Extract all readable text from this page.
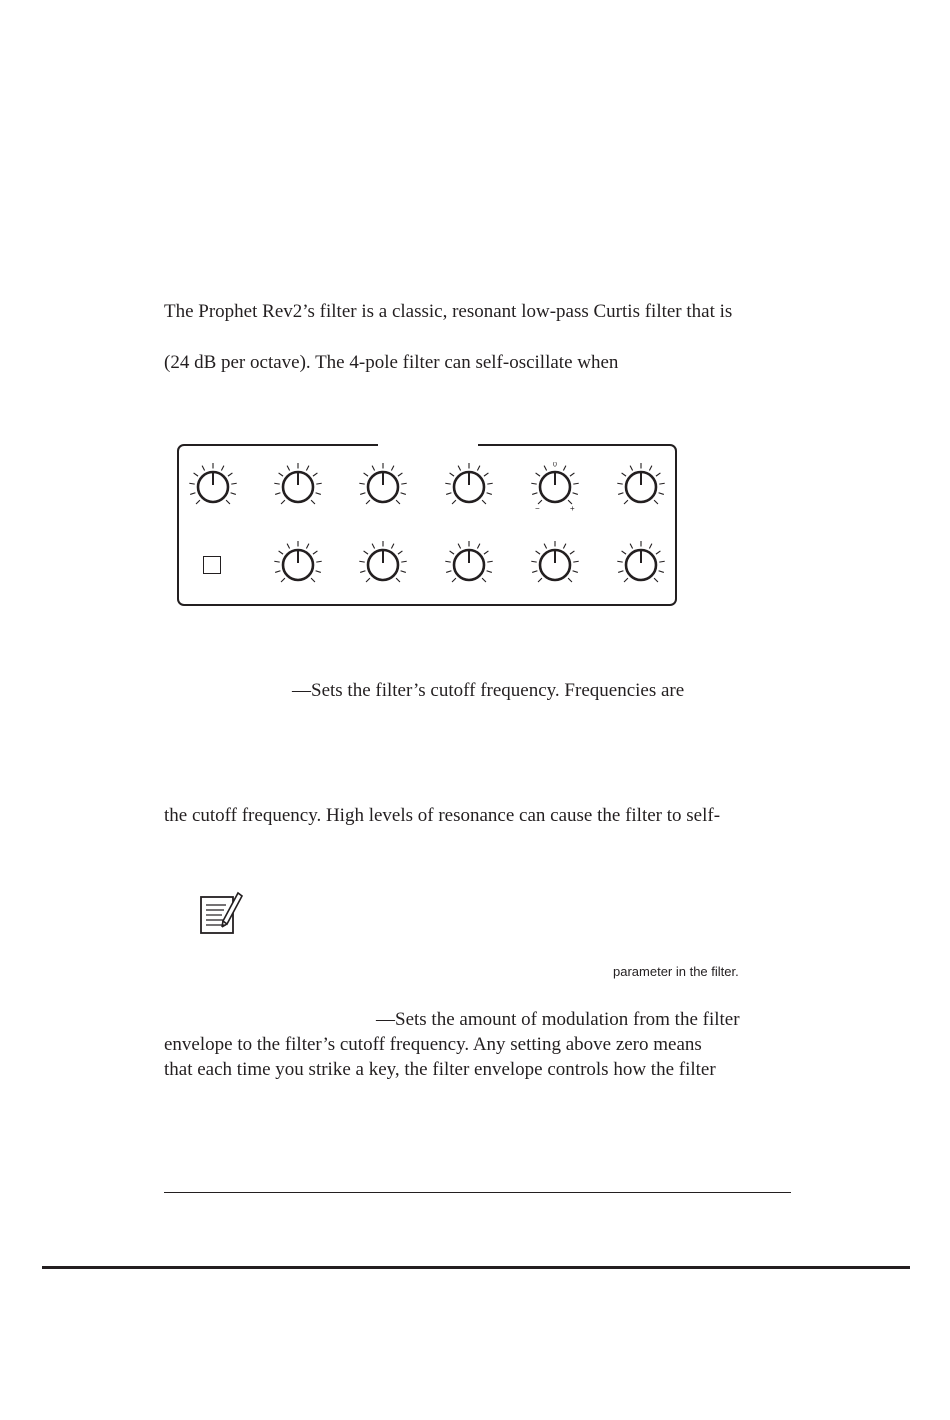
The Prophet Rev2’s filter is a classic, resonant low-pass Curtis filter that is
(24 dB per octave). The 4-pole filter can self-oscillate when
0
−	+
—Sets the filter’s cutoff frequency. Frequencies are
the cutoff frequency. High levels of resonance can cause the filter to self-
parameter in the filter.
—Sets the amount of modulation from the filter
envelope to the filter’s cutoff frequency. Any setting above zero means
that each time you strike a key, the filter envelope controls how the filter
